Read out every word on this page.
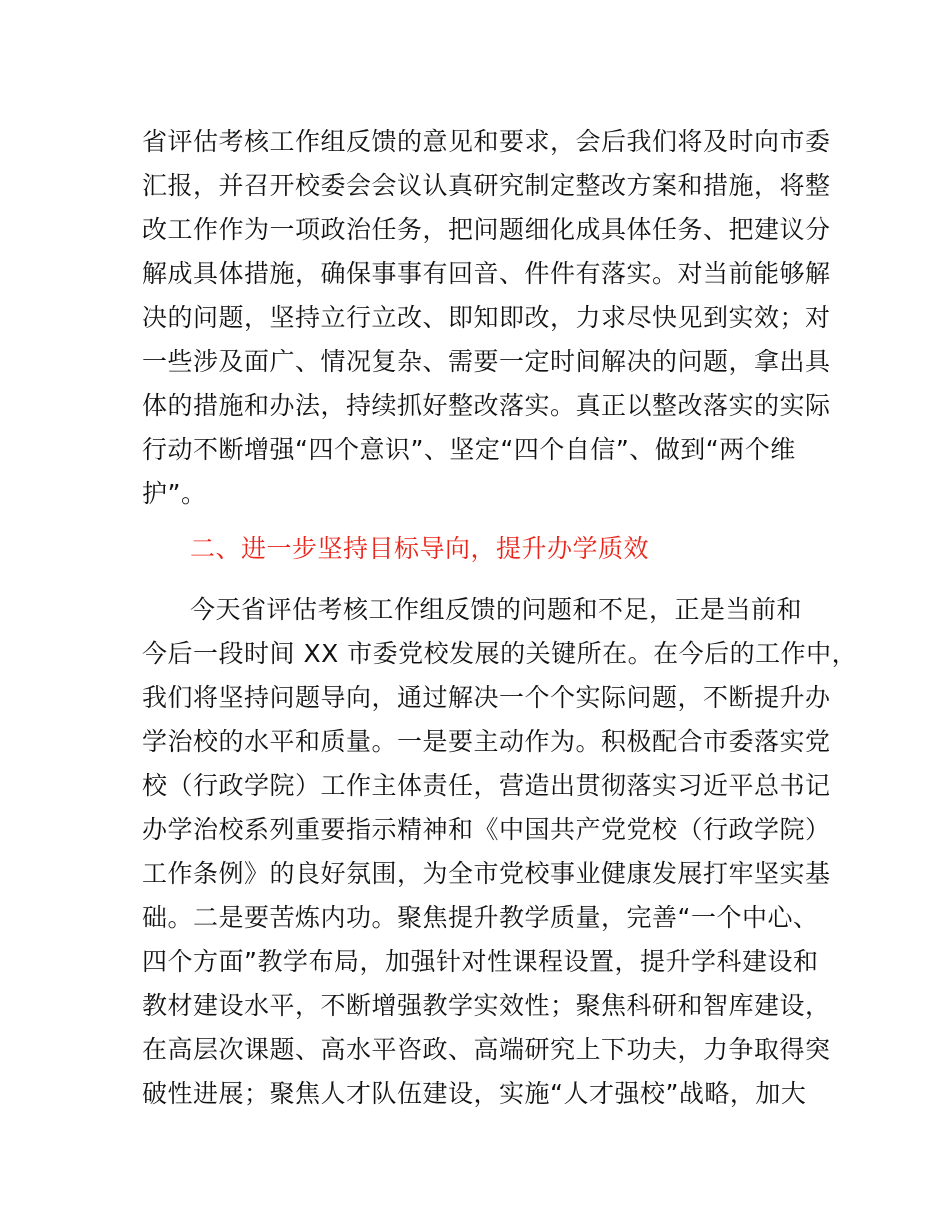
省评估考核工作组反馈的意见和要求，会后我们将及时向市委
汇报，并召开校委会会议认真研究制定整改方案和措施，将整
改工作作为一项政治任务，把问题细化成具体任务、把建议分
解成具体措施，确保事事有回音、件件有落实。对当前能够解
决的问题，坚持立行立改、即知即改，力求尽快见到实效；对
一些涉及面广、情况复杂、需要一定时间解决的问题，拿出具
体的措施和办法，持续抓好整改落实。真正以整改落实的实际
行动不断增强“四个意识”、坚定“四个自信”、做到“两个维
护”。
二、进一步坚持目标导向，提升办学质效
今天省评估考核工作组反馈的问题和不足，正是当前和
今后一段时间 XX 市委党校发展的关键所在。在今后的工作中，
我们将坚持问题导向，通过解决一个个实际问题，不断提升办
学治校的水平和质量。一是要主动作为。积极配合市委落实党
校（行政学院）工作主体责任，营造出贯彻落实习近平总书记
办学治校系列重要指示精神和《中国共产党党校（行政学院）
工作条例》的良好氛围，为全市党校事业健康发展打牢坚实基
础。二是要苦炼内功。聚焦提升教学质量，完善“一个中心、
四个方面”教学布局，加强针对性课程设置，提升学科建设和
教材建设水平，不断增强教学实效性；聚焦科研和智库建设，
在高层次课题、高水平咨政、高端研究上下功夫，力争取得突
破性进展；聚焦人才队伍建设，实施“人才强校”战略，加大
